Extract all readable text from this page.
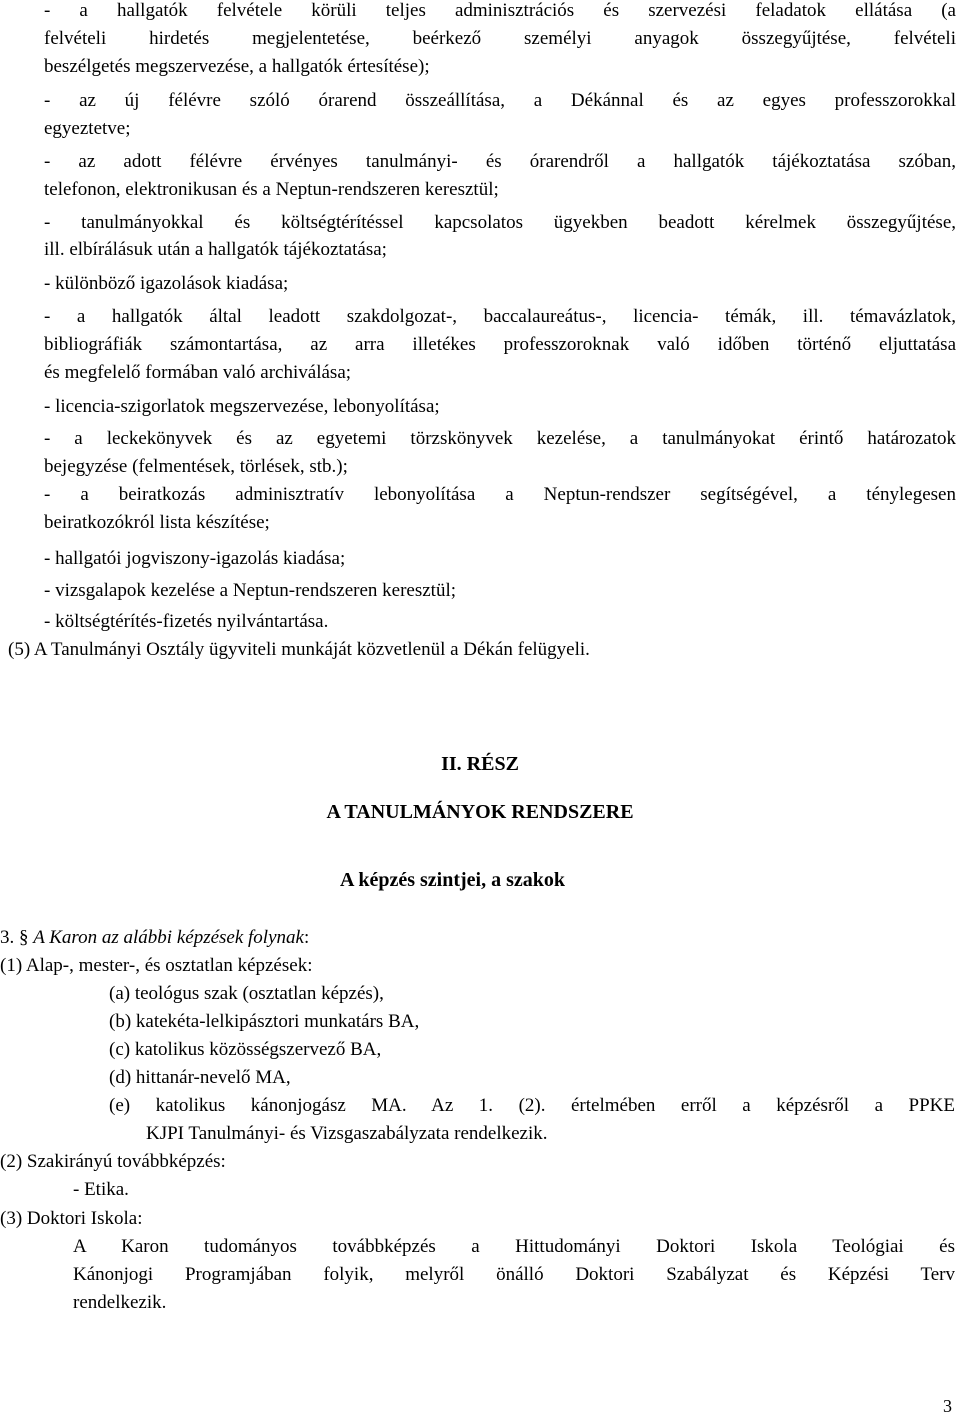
- a hallgatók felvétele körüli teljes adminisztrációs és szervezési feladatok ellátása (a

felvételi hirdetés megjelentetése, beérkező személyi anyagok összegyűjtése, felvételi

beszélgetés megszervezése, a hallgatók értesítése);

- az új félévre szóló órarend összeállítása, a Dékánnal és az egyes professzorokkal

egyeztetve;

- az adott félévre érvényes tanulmányi- és órarendről a hallgatók tájékoztatása szóban,

telefonon, elektronikusan és a Neptun-rendszeren keresztül;

- tanulmányokkal és költségtérítéssel kapcsolatos ügyekben beadott kérelmek összegyűjtése,

ill. elbírálásuk után a hallgatók tájékoztatása;

- különböző igazolások kiadása;

- a hallgatók által leadott szakdolgozat-, baccalaureátus-, licencia- témák, ill. témavázlatok,

bibliográfiák számontartása, az arra illetékes professzoroknak való időben történő eljuttatása

és megfelelő formában való archiválása;

- licencia-szigorlatok megszervezése, lebonyolítása;

- a leckekönyvek és az egyetemi törzskönyvek kezelése, a tanulmányokat érintő határozatok

bejegyzése (felmentések, törlések, stb.);

- a beiratkozás adminisztratív lebonyolítása a Neptun-rendszer segítségével, a ténylegesen

beiratkozókról lista készítése;

- hallgatói jogviszony-igazolás kiadása;

- vizsgalapok kezelése a Neptun-rendszeren keresztül;

- költségtérítés-fizetés nyilvántartása.

(5) A Tanulmányi Osztály ügyviteli munkáját közvetlenül a Dékán felügyeli.

II. RÉSZ

A TANULMÁNYOK RENDSZERE

A képzés szintjei, a szakok

3. § A Karon az alábbi képzések folynak:

(1) Alap-, mester-, és osztatlan képzések:

(a) teológus szak (osztatlan képzés),

(b) katekéta-lelkipásztori munkatárs BA,

(c) katolikus közösségszervező BA,

(d) hittanár-nevelő MA,

(e) katolikus kánonjogász MA. Az 1. (2). értelmében erről a képzésről a PPKE

KJPI Tanulmányi- és Vizsgaszabályzata rendelkezik.

(2) Szakirányú továbbképzés:

- Etika.

(3) Doktori Iskola:

A Karon tudományos továbbképzés a Hittudományi Doktori Iskola Teológiai és

Kánonjogi Programjában folyik, melyről önálló Doktori Szabályzat és Képzési Terv

rendelkezik.

3
